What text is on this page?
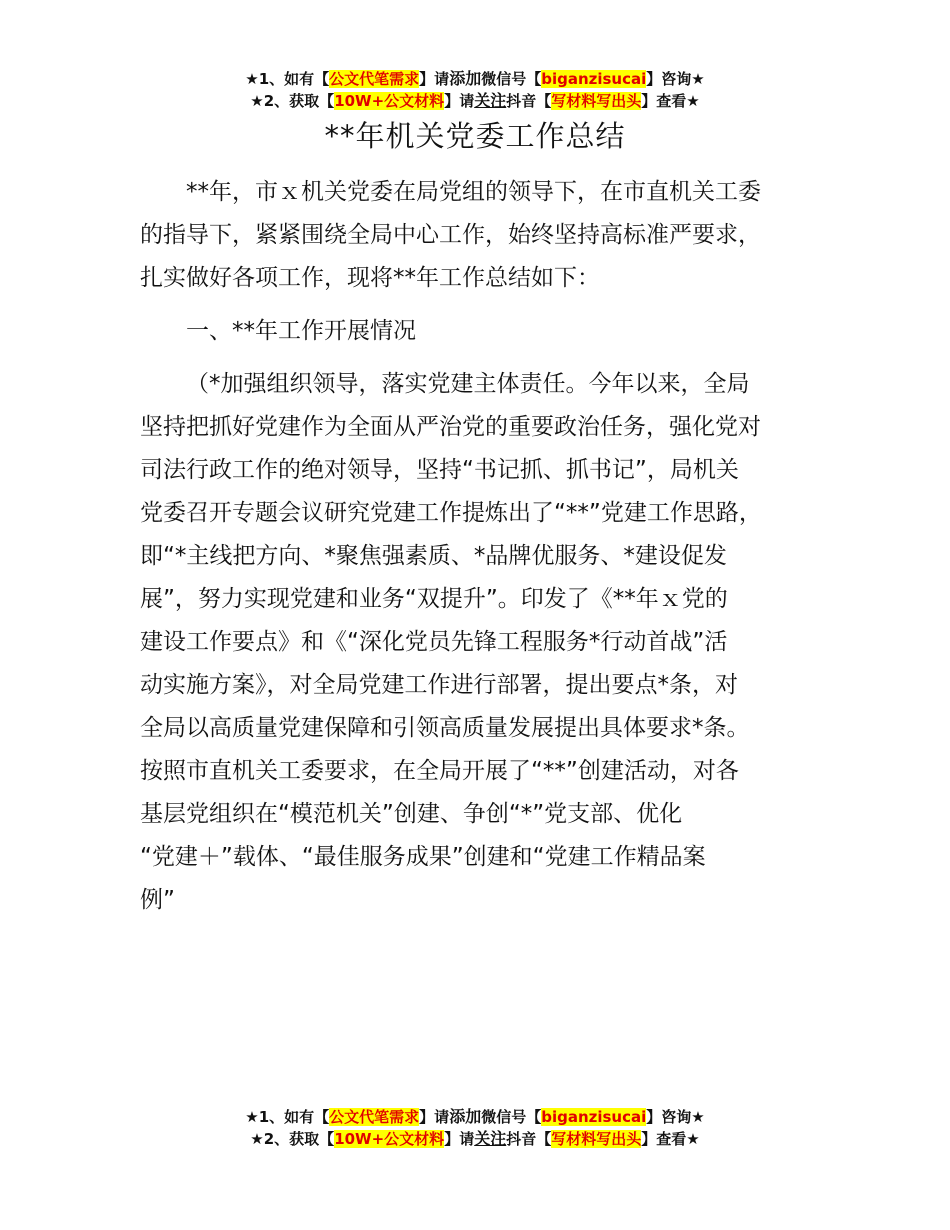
★1、如有【公文代笔需求】请添加微信号【biganzisucai】咨询★
★2、获取【10W+公文材料】请关注抖音【写材料写出头】查看★
**年机关党委工作总结
**年，市ｘ机关党委在局党组的领导下，在市直机关工委
的指导下，紧紧围绕全局中心工作，始终坚持高标准严要求，
扎实做好各项工作，现将**年工作总结如下：
一、**年工作开展情况
（*加强组织领导，落实党建主体责任。今年以来，全局
坚持把抓好党建作为全面从严治党的重要政治任务，强化党对
司法行政工作的绝对领导，坚持“书记抓、抓书记”，局机关
党委召开专题会议研究党建工作提炼出了“**”党建工作思路，
即“*主线把方向、*聚焦强素质、*品牌优服务、*建设促发
展”，努力实现党建和业务“双提升”。印发了《**年ｘ党的
建设工作要点》和《“深化党员先锋工程服务*行动首战”活
动实施方案》，对全局党建工作进行部署，提出要点*条，对
全局以高质量党建保障和引领高质量发展提出具体要求*条。
按照市直机关工委要求，在全局开展了“**”创建活动，对各
基层党组织在“模范机关”创建、争创“*”党支部、优化
“党建＋”载体、“最佳服务成果”创建和“党建工作精品案
例”
★1、如有【公文代笔需求】请添加微信号【biganzisucai】咨询★
★2、获取【10W+公文材料】请关注抖音【写材料写出头】查看★
